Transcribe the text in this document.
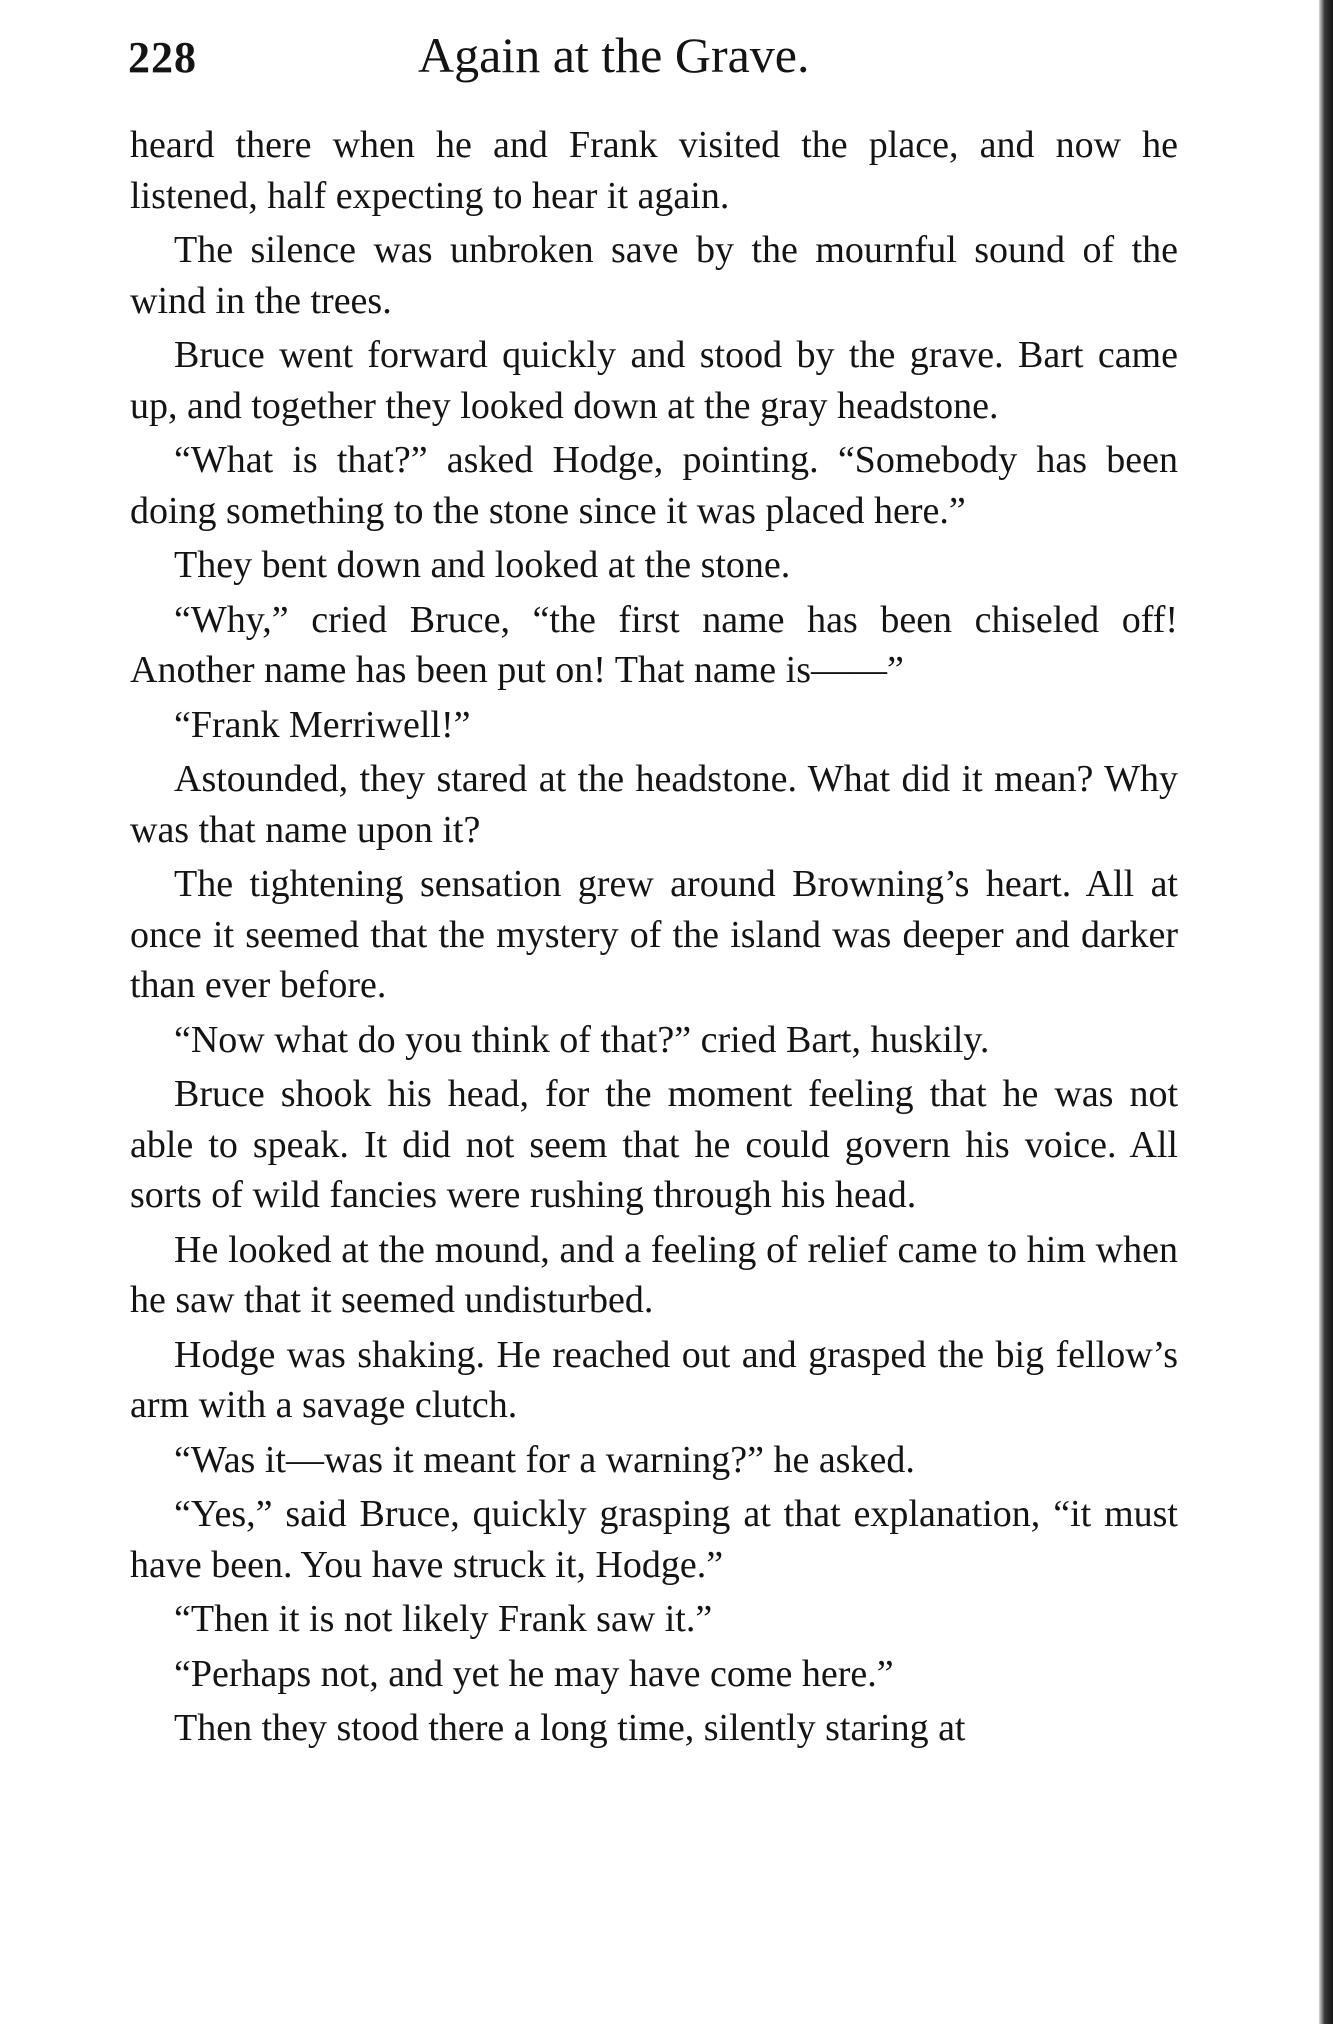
228	Again at the Grave.

heard there when he and Frank visited the place, and now he listened, half expecting to hear it again.

The silence was unbroken save by the mournful sound of the wind in the trees.

Bruce went forward quickly and stood by the grave. Bart came up, and together they looked down at the gray headstone.

“What is that?” asked Hodge, pointing. “Somebody has been doing something to the stone since it was placed here.”

They bent down and looked at the stone.

“Why,” cried Bruce, “the first name has been chiseled off! Another name has been put on! That name is——”

“Frank Merriwell!”

Astounded, they stared at the headstone. What did it mean? Why was that name upon it?

The tightening sensation grew around Browning’s heart. All at once it seemed that the mystery of the island was deeper and darker than ever before.

“Now what do you think of that?” cried Bart, huskily.

Bruce shook his head, for the moment feeling that he was not able to speak. It did not seem that he could govern his voice. All sorts of wild fancies were rushing through his head.

He looked at the mound, and a feeling of relief came to him when he saw that it seemed undisturbed.

Hodge was shaking. He reached out and grasped the big fellow’s arm with a savage clutch.

“Was it—was it meant for a warning?” he asked.

“Yes,” said Bruce, quickly grasping at that explanation, “it must have been. You have struck it, Hodge.”

“Then it is not likely Frank saw it.”

“Perhaps not, and yet he may have come here.”

Then they stood there a long time, silently staring at
